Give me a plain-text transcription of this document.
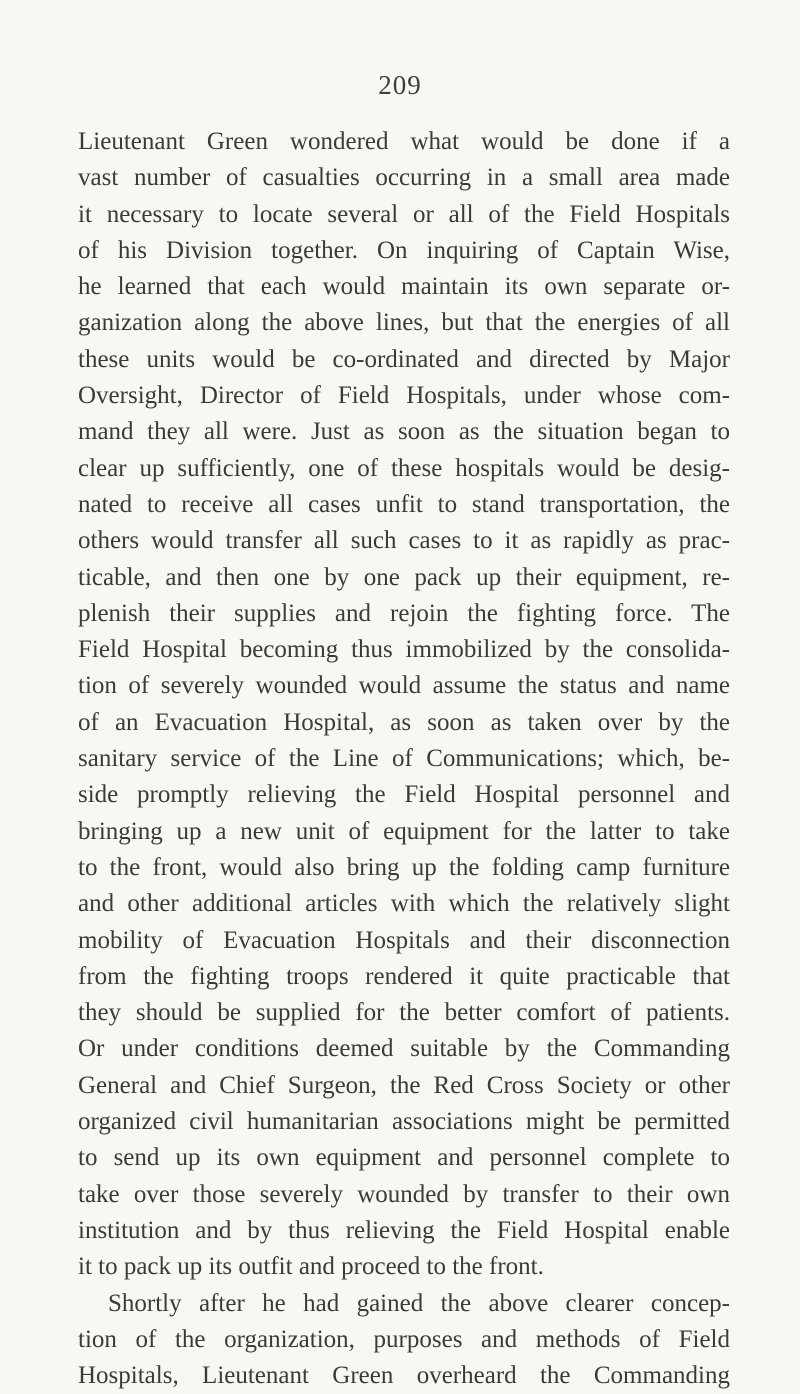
209
Lieutenant Green wondered what would be done if a
vast number of casualties occurring in a small area made
it necessary to locate several or all of the Field Hospitals
of his Division together. On inquiring of Captain Wise,
he learned that each would maintain its own separate or-
ganization along the above lines, but that the energies of all
these units would be co-ordinated and directed by Major
Oversight, Director of Field Hospitals, under whose com-
mand they all were. Just as soon as the situation began to
clear up sufficiently, one of these hospitals would be desig-
nated to receive all cases unfit to stand transportation, the
others would transfer all such cases to it as rapidly as prac-
ticable, and then one by one pack up their equipment, re-
plenish their supplies and rejoin the fighting force. The
Field Hospital becoming thus immobilized by the consolida-
tion of severely wounded would assume the status and name
of an Evacuation Hospital, as soon as taken over by the
sanitary service of the Line of Communications; which, be-
side promptly relieving the Field Hospital personnel and
bringing up a new unit of equipment for the latter to take
to the front, would also bring up the folding camp furniture
and other additional articles with which the relatively slight
mobility of Evacuation Hospitals and their disconnection
from the fighting troops rendered it quite practicable that
they should be supplied for the better comfort of patients.
Or under conditions deemed suitable by the Commanding
General and Chief Surgeon, the Red Cross Society or other
organized civil humanitarian associations might be permitted
to send up its own equipment and personnel complete to
take over those severely wounded by transfer to their own
institution and by thus relieving the Field Hospital enable
it to pack up its outfit and proceed to the front.
Shortly after he had gained the above clearer concep-
tion of the organization, purposes and methods of Field
Hospitals, Lieutenant Green overheard the Commanding
